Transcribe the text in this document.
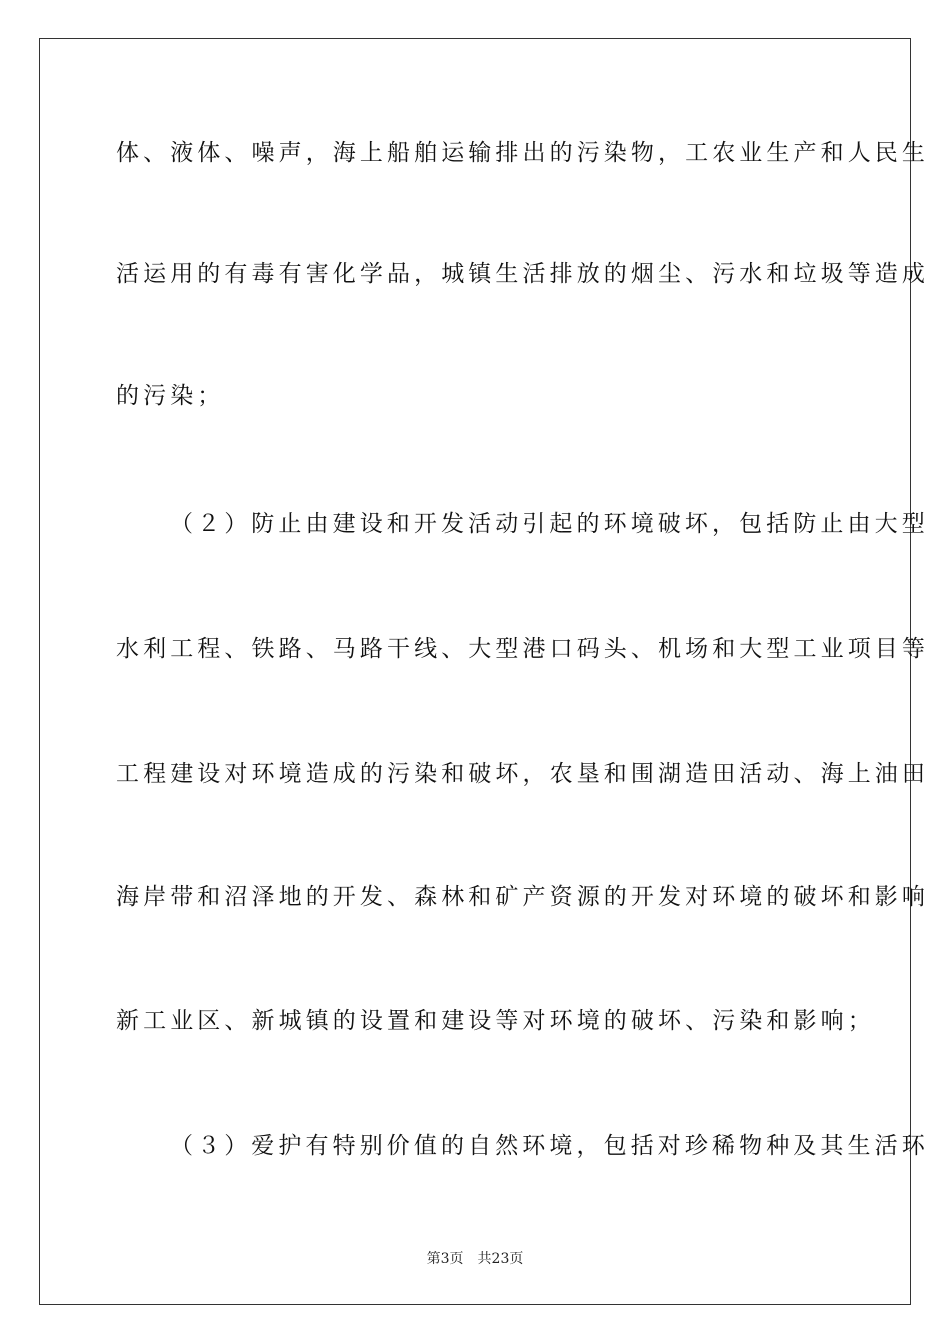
体、液体、噪声，海上船舶运输排出的污染物，工农业生产和人民生
活运用的有毒有害化学品，城镇生活排放的烟尘、污水和垃圾等造成
的污染；
（２）防止由建设和开发活动引起的环境破坏，包括防止由大型
水利工程、铁路、马路干线、大型港口码头、机场和大型工业项目等
工程建设对环境造成的污染和破坏，农垦和围湖造田活动、海上油田
海岸带和沼泽地的开发、森林和矿产资源的开发对环境的破坏和影响
新工业区、新城镇的设置和建设等对环境的破坏、污染和影响；
（３）爱护有特别价值的自然环境，包括对珍稀物种及其生活环
第3页 共23页
